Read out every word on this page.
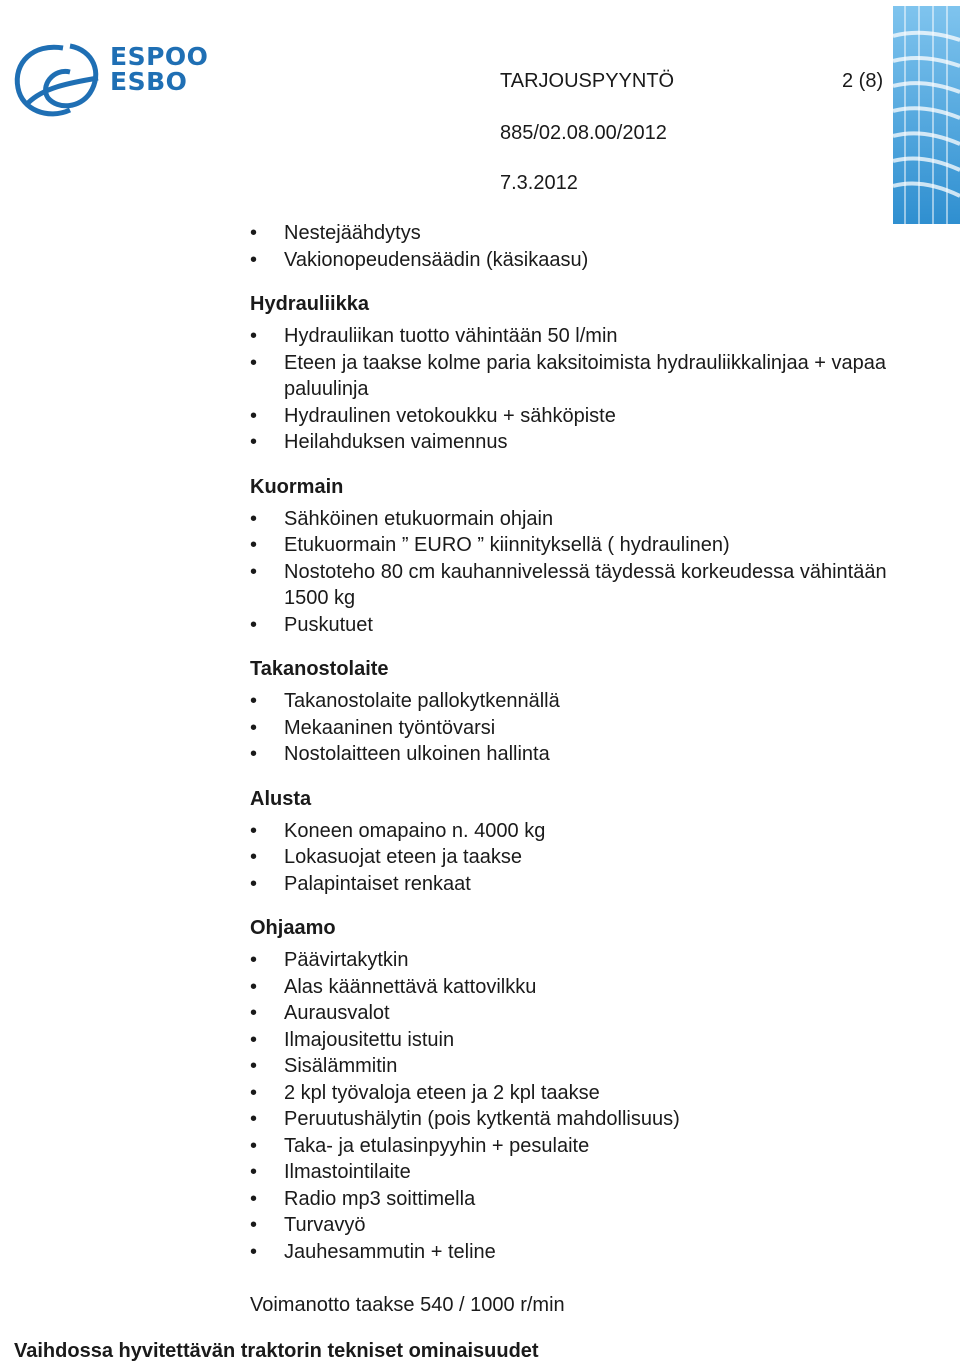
ESPOO
ESBO	TARJOUSPYYNTÖ	2 (8)
885/02.08.00/2012
7.3.2012
• Nestejäähdytys
• Vakionopeudensäädin (käsikaasu)
Hydrauliikka
• Hydrauliikan tuotto vähintään 50 l/min
• Eteen ja taakse kolme paria kaksitoimista hydrauliikkalinjaa + vapaa paluulinja
• Hydraulinen vetokoukku + sähköpiste
• Heilahduksen vaimennus
Kuormain
• Sähköinen etukuormain ohjain
• Etukuormain ” EURO ” kiinnityksellä ( hydraulinen)
• Nostoteho 80 cm kauhannivelessä täydessä korkeudessa vähintään 1500 kg
• Puskutuet
Takanostolaite
• Takanostolaite pallokytkennällä
• Mekaaninen työntövarsi
• Nostolaitteen ulkoinen hallinta
Alusta
• Koneen omapaino n. 4000 kg
• Lokasuojat eteen ja taakse
• Palapintaiset renkaat
Ohjaamo
• Päävirtakytkin
• Alas käännettävä kattovilkku
• Aurausvalot
• Ilmajousitettu istuin
• Sisälämmitin
• 2 kpl työvaloja eteen ja 2 kpl taakse
• Peruutushälytin (pois kytkentä mahdollisuus)
• Taka- ja etulasinpyyhin + pesulaite
• Ilmastointilaite
• Radio mp3 soittimella
• Turvavyö
• Jauhesammutin + teline
Voimanotto taakse 540 / 1000 r/min
Vaihdossa hyvitettävän traktorin tekniset ominaisuudet
